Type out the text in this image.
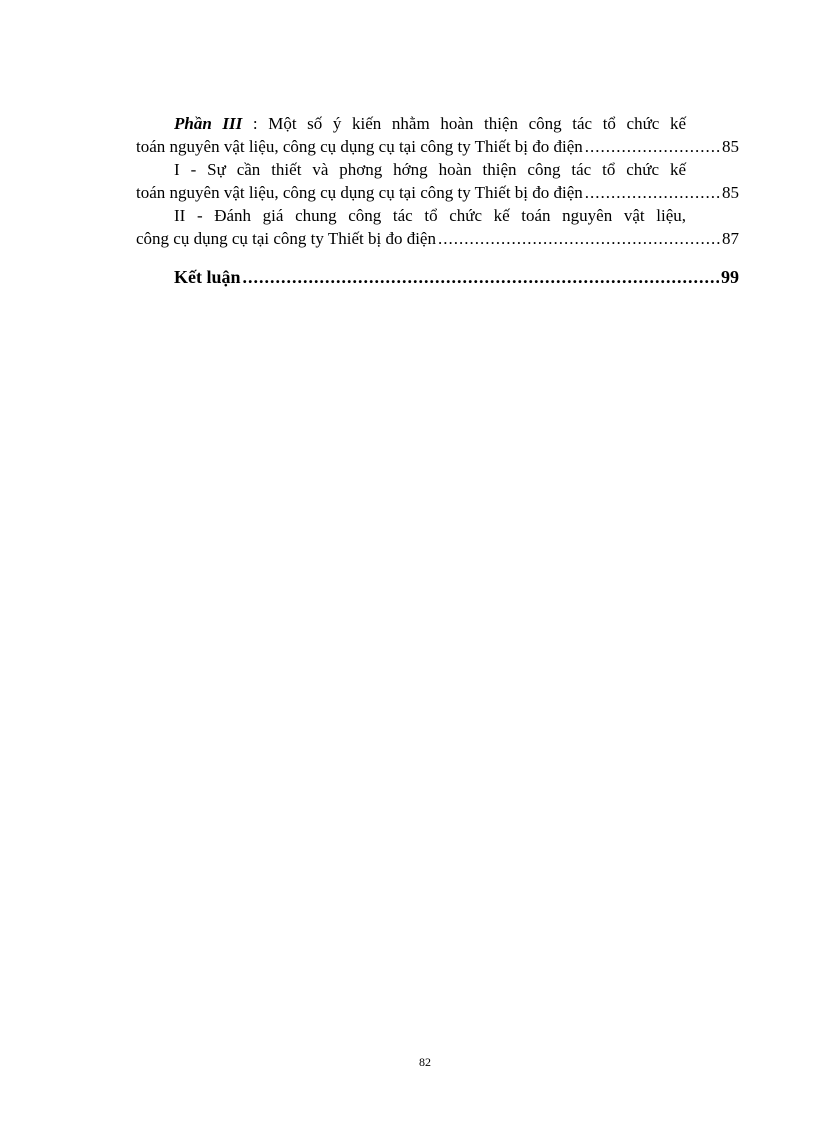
Phần III : Một số ý kiến nhằm hoàn thiện công tác tổ chức kế
toán nguyên vật liệu, công cụ dụng cụ tại công ty Thiết bị đo điện .....	85
I - Sự cần thiết và phơng hớng hoàn thiện công tác tổ chức kế
toán nguyên vật liệu, công cụ dụng cụ tại công ty Thiết bị đo điện .....	85
II - Đánh giá chung công tác tổ chức kế toán nguyên vật liệu,
công cụ dụng cụ tại công ty Thiết bị đo điện .....	87
Kết luận .....	99
82
